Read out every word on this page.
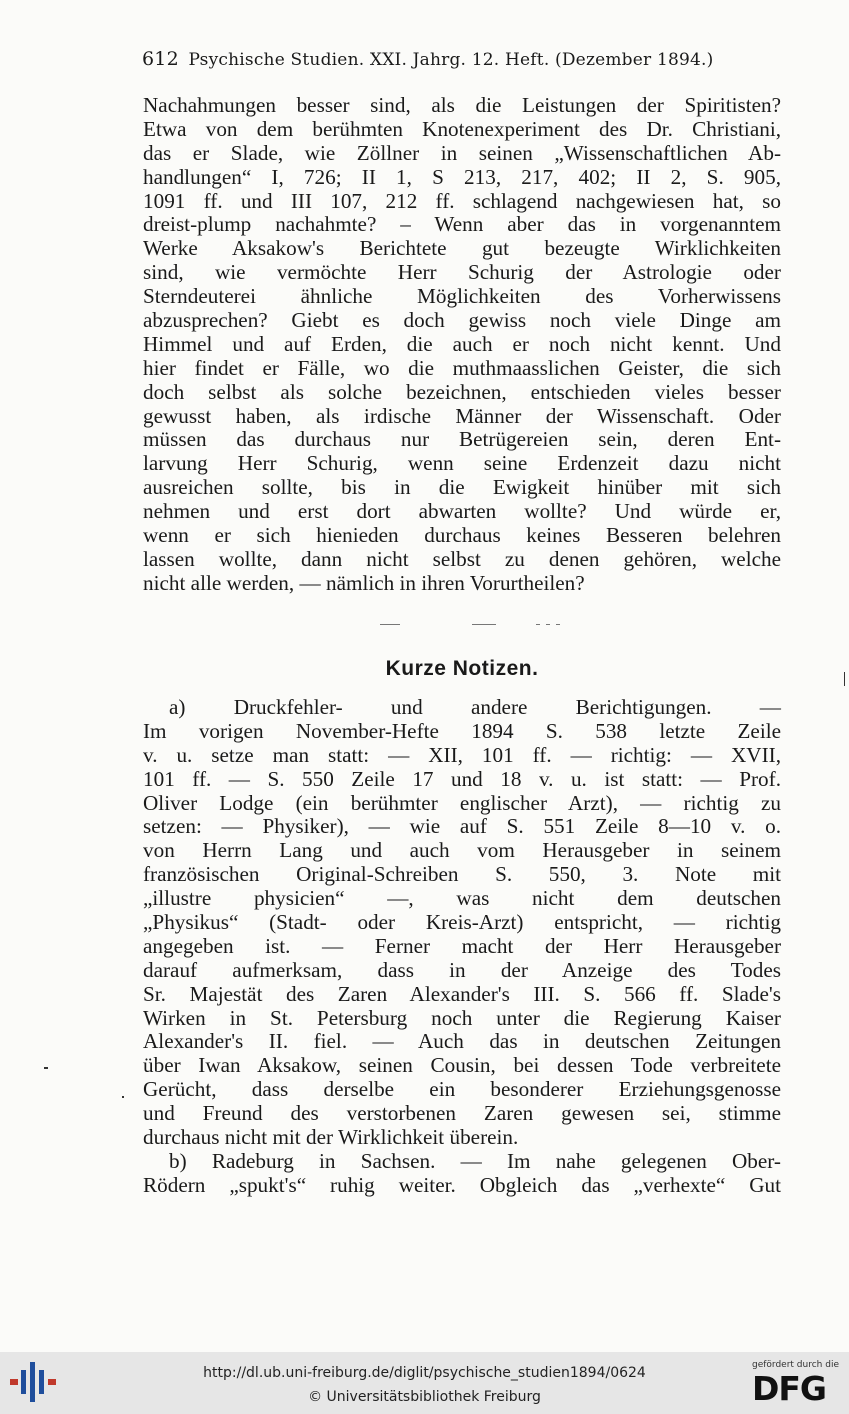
612 Psychische Studien. XXI. Jahrg. 12. Heft. (Dezember 1894.)
Nachahmungen besser sind, als die Leistungen der Spiritisten?
Etwa von dem berühmten Knotenexperiment des Dr. Christiani,
das er Slade, wie Zöllner in seinen „Wissenschaftlichen Ab-
handlungen“ I, 726; II 1, S 213, 217, 402; II 2, S. 905,
1091 ff. und III 107, 212 ff. schlagend nachgewiesen hat, so
dreist-plump nachahmte? – Wenn aber das in vorgenanntem
Werke Aksakow's Berichtete gut bezeugte Wirklichkeiten
sind, wie vermöchte Herr Schurig der Astrologie oder
Sterndeuterei ähnliche Möglichkeiten des Vorherwissens
abzusprechen? Giebt es doch gewiss noch viele Dinge am
Himmel und auf Erden, die auch er noch nicht kennt. Und
hier findet er Fälle, wo die muthmaasslichen Geister, die sich
doch selbst als solche bezeichnen, entschieden vieles besser
gewusst haben, als irdische Männer der Wissenschaft. Oder
müssen das durchaus nur Betrügereien sein, deren Ent-
larvung Herr Schurig, wenn seine Erdenzeit dazu nicht
ausreichen sollte, bis in die Ewigkeit hinüber mit sich
nehmen und erst dort abwarten wollte? Und würde er,
wenn er sich hienieden durchaus keines Besseren belehren
lassen wollte, dann nicht selbst zu denen gehören, welche
nicht alle werden, — nämlich in ihren Vorurtheilen?
Kurze Notizen.
a) Druckfehler- und andere Berichtigungen. —
Im vorigen November-Hefte 1894 S. 538 letzte Zeile
v. u. setze man statt: — XII, 101 ff. — richtig: — XVII,
101 ff. — S. 550 Zeile 17 und 18 v. u. ist statt: — Prof.
Oliver Lodge (ein berühmter englischer Arzt), — richtig zu
setzen: — Physiker), — wie auf S. 551 Zeile 8—10 v. o.
von Herrn Lang und auch vom Herausgeber in seinem
französischen Original-Schreiben S. 550, 3. Note mit
„illustre physicien“ —, was nicht dem deutschen
„Physikus“ (Stadt- oder Kreis-Arzt) entspricht, — richtig
angegeben ist. — Ferner macht der Herr Herausgeber
darauf aufmerksam, dass in der Anzeige des Todes
Sr. Majestät des Zaren Alexander's III. S. 566 ff. Slade's
Wirken in St. Petersburg noch unter die Regierung Kaiser
Alexander's II. fiel. — Auch das in deutschen Zeitungen
über Iwan Aksakow, seinen Cousin, bei dessen Tode verbreitete
Gerücht, dass derselbe ein besonderer Erziehungsgenosse
und Freund des verstorbenen Zaren gewesen sei, stimme
durchaus nicht mit der Wirklichkeit überein.
b) Radeburg in Sachsen. — Im nahe gelegenen Ober-
Rödern „spukt's“ ruhig weiter. Obgleich das „verhexte“ Gut
http://dl.ub.uni-freiburg.de/diglit/psychische_studien1894/0624
© Universitätsbibliothek Freiburg
gefördert durch die
DFG
